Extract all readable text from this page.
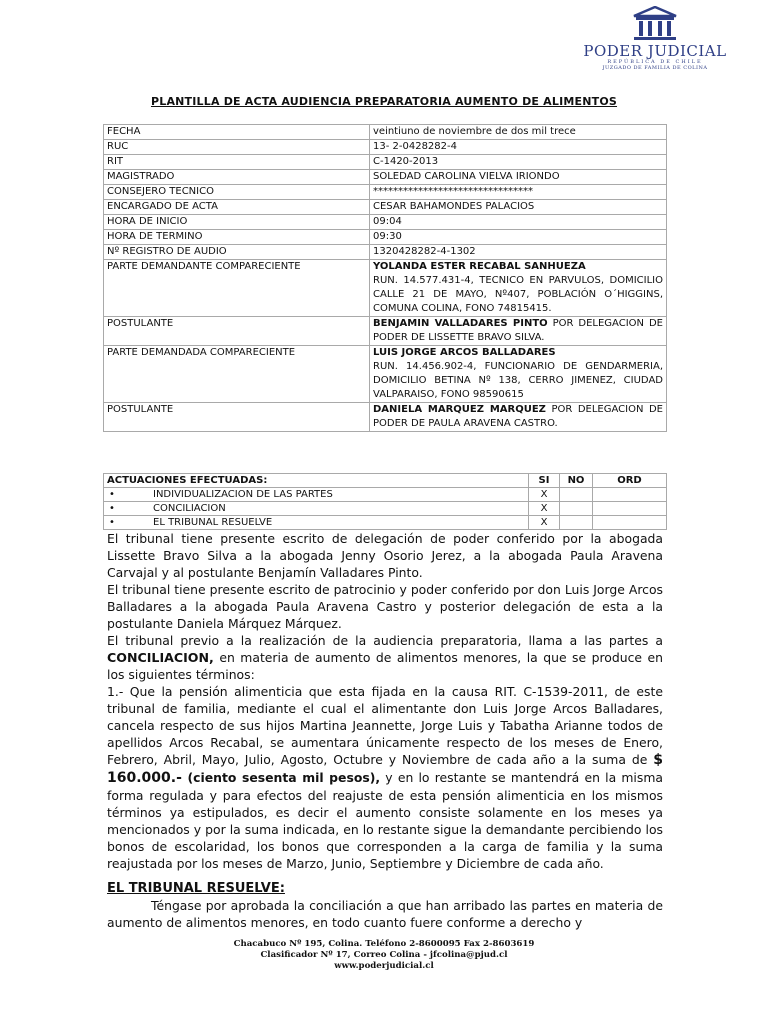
PODER JUDICIAL
REPÚBLICA DE CHILE
JUZGADO DE FAMILIA DE COLINA
PLANTILLA DE ACTA AUDIENCIA PREPARATORIA AUMENTO DE ALIMENTOS
FECHA	veintiuno de noviembre de dos mil trece
RUC	13- 2-0428282-4
RIT	C-1420-2013
MAGISTRADO	SOLEDAD CAROLINA VIELVA IRIONDO
CONSEJERO TECNICO	********************************
ENCARGADO DE ACTA	CESAR BAHAMONDES PALACIOS
HORA DE INICIO	09:04
HORA DE TERMINO	09:30
Nº REGISTRO DE AUDIO	1320428282-4-1302
PARTE DEMANDANTE COMPARECIENTE	YOLANDA ESTER RECABAL SANHUEZA
RUN. 14.577.431-4, TECNICO EN PARVULOS, DOMICILIO CALLE 21 DE MAYO, Nº407, POBLACIÓN O´HIGGINS, COMUNA COLINA, FONO 74815415.
POSTULANTE	BENJAMIN VALLADARES PINTO POR DELEGACION DE PODER DE LISSETTE BRAVO SILVA.
PARTE DEMANDADA COMPARECIENTE	LUIS JORGE ARCOS BALLADARES
RUN. 14.456.902-4, FUNCIONARIO DE GENDARMERIA, DOMICILIO BETINA Nº 138, CERRO JIMENEZ, CIUDAD VALPARAISO, FONO 98590615
POSTULANTE	DANIELA MARQUEZ MARQUEZ POR DELEGACION DE PODER DE PAULA ARAVENA CASTRO.
ACTUACIONES EFECTUADAS:	SI	NO	ORD
• INDIVIDUALIZACION DE LAS PARTES	X		
• CONCILIACION	X		
• EL TRIBUNAL RESUELVE	X		

El tribunal tiene presente escrito de delegación de poder conferido por la abogada Lissette Bravo Silva a la abogada Jenny Osorio Jerez, a la abogada Paula Aravena Carvajal y al postulante Benjamín Valladares Pinto.

El tribunal tiene presente escrito de patrocinio y poder conferido por don Luis Jorge Arcos Balladares a la abogada Paula Aravena Castro y posterior delegación de esta a la postulante Daniela Márquez Márquez.

El tribunal previo a la realización de la audiencia preparatoria, llama a las partes a CONCILIACION, en materia de aumento de alimentos menores, la que se produce en los siguientes términos:

1.- Que la pensión alimenticia que esta fijada en la causa RIT. C-1539-2011, de este tribunal de familia, mediante el cual el alimentante don Luis Jorge Arcos Balladares, cancela respecto de sus hijos Martina Jeannette, Jorge Luis y Tabatha Arianne todos de apellidos Arcos Recabal, se aumentara únicamente respecto de los meses de Enero, Febrero, Abril, Mayo, Julio, Agosto, Octubre y Noviembre de cada año a la suma de $ 160.000.- (ciento sesenta mil pesos), y en lo restante se mantendrá en la misma forma regulada y para efectos del reajuste de esta pensión alimenticia en los mismos términos ya estipulados, es decir el aumento consiste solamente en los meses ya mencionados y por la suma indicada, en lo restante sigue la demandante percibiendo los bonos de escolaridad, los bonos que corresponden a la carga de familia y la suma reajustada por los meses de Marzo, Junio, Septiembre y Diciembre de cada año.

EL TRIBUNAL RESUELVE:

Téngase por aprobada la conciliación a que han arribado las partes en materia de aumento de alimentos menores, en todo cuanto fuere conforme a derecho y

Chacabuco Nº 195, Colina. Teléfono 2-8600095 Fax 2-8603619
Clasificador Nº 17, Correo Colina - jfcolina@pjud.cl
www.poderjudicial.cl
